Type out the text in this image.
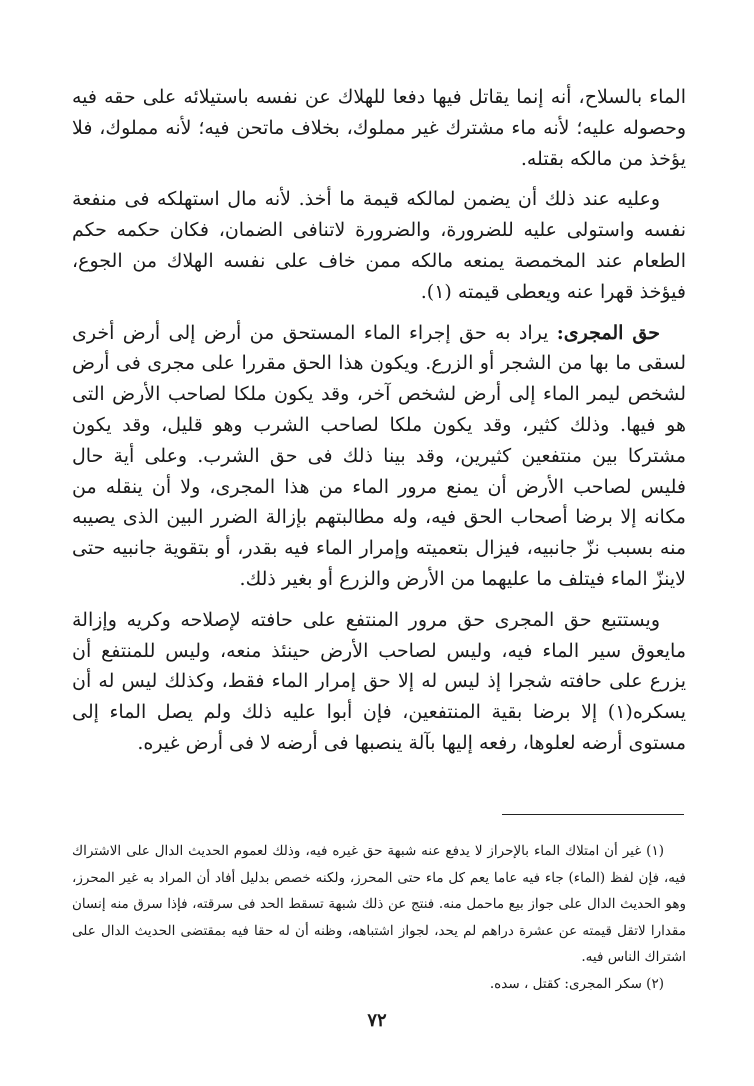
الماء بالسلاح، أنه إنما يقاتل فيها دفعا للهلاك عن نفسه باستيلائه على حقه فيه وحصوله عليه؛ لأنه ماء مشترك غير مملوك، بخلاف ماتحن فيه؛ لأنه مملوك، فلا يؤخذ من مالكه بقتله.

وعليه عند ذلك أن يضمن لمالكه قيمة ما أخذ. لأنه مال استهلكه فى منفعة نفسه واستولى عليه للضرورة، والضرورة لاتنافى الضمان، فكان حكمه حكم الطعام عند المخمصة يمنعه مالكه ممن خاف على نفسه الهلاك من الجوع، فيؤخذ قهرا عنه ويعطى قيمته (١).

حق المجرى: يراد به حق إجراء الماء المستحق من أرض إلى أرض أخرى لسقى ما بها من الشجر أو الزرع. ويكون هذا الحق مقررا على مجرى فى أرض لشخص ليمر الماء إلى أرض لشخص آخر، وقد يكون ملكا لصاحب الأرض التى هو فيها. وذلك كثير، وقد يكون ملكا لصاحب الشرب وهو قليل، وقد يكون مشتركا بين منتفعين كثيرين، وقد بينا ذلك فى حق الشرب. وعلى أية حال فليس لصاحب الأرض أن يمنع مرور الماء من هذا المجرى، ولا أن ينقله من مكانه إلا برضا أصحاب الحق فيه، وله مطالبتهم بإزالة الضرر البين الذى يصيبه منه بسبب نزّ جانبيه، فيزال بتعميته وإمرار الماء فيه بقدر، أو بتقوية جانبيه حتى لاينزّ الماء فيتلف ما عليهما من الأرض والزرع أو بغير ذلك.

ويستتبع حق المجرى حق مرور المنتفع على حافته لإصلاحه وكريه وإزالة مايعوق سير الماء فيه، وليس لصاحب الأرض حينئذ منعه، وليس للمنتفع أن يزرع على حافته شجرا إذ ليس له إلا حق إمرار الماء فقط، وكذلك ليس له أن يسكره(١) إلا برضا بقية المنتفعين، فإن أبوا عليه ذلك ولم يصل الماء إلى مستوى أرضه لعلوها، رفعه إليها بآلة ينصبها فى أرضه لا فى أرض غيره.

(١) غير أن امتلاك الماء بالإحراز لا يدفع عنه شبهة حق غيره فيه، وذلك لعموم الحديث الدال على الاشتراك فيه، فإن لفظ (الماء) جاء فيه عاما يعم كل ماء حتى المحرز، ولكنه خصص بدليل أفاد أن المراد به غير المحرز، وهو الحديث الدال على جواز بيع ماحمل منه. فنتج عن ذلك شبهة تسقط الحد فى سرقته، فإذا سرق منه إنسان مقدارا لاتقل قيمته عن عشرة دراهم لم يحد، لجواز اشتباهه، وظنه أن له حقا فيه بمقتضى الحديث الدال على اشتراك الناس فيه.

(٢) سكر المجرى: كقتل ، سده.

٧٢
